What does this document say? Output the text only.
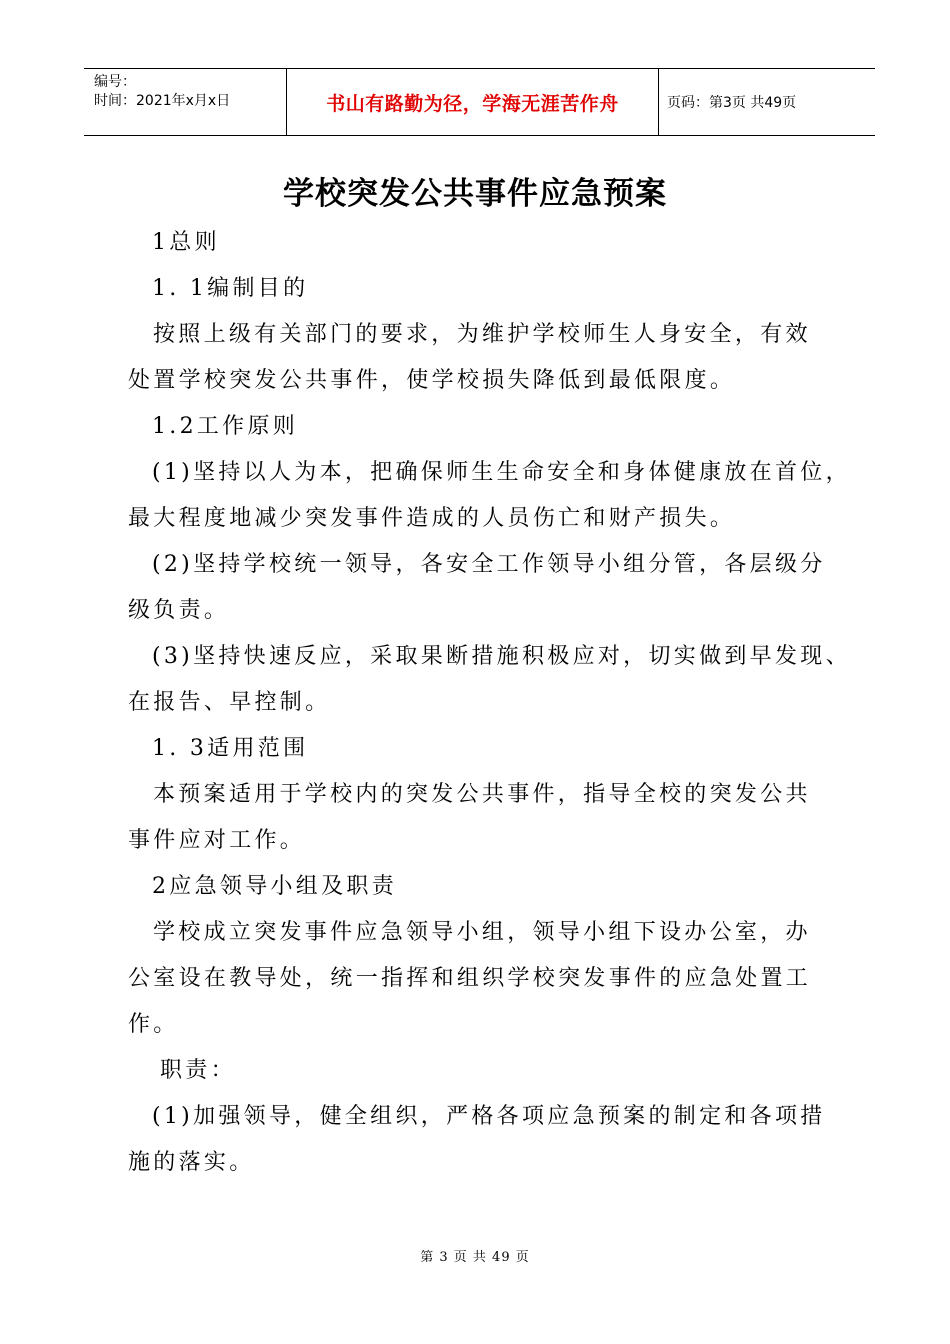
编号：
时间：2021年x月x日	书山有路勤为径，学海无涯苦作舟	页码：第3页 共49页
学校突发公共事件应急预案

1总则

1. 1编制目的

按照上级有关部门的要求，为维护学校师生人身安全，有效

处置学校突发公共事件，使学校损失降低到最低限度。

1.2工作原则

(1)坚持以人为本，把确保师生生命安全和身体健康放在首位，

最大程度地减少突发事件造成的人员伤亡和财产损失。

(2)坚持学校统一领导，各安全工作领导小组分管，各层级分

级负责。

(3)坚持快速反应，采取果断措施积极应对，切实做到早发现、

在报告、早控制。

1. 3适用范围

本预案适用于学校内的突发公共事件，指导全校的突发公共

事件应对工作。

2应急领导小组及职责

学校成立突发事件应急领导小组，领导小组下设办公室，办

公室设在教导处，统一指挥和组织学校突发事件的应急处置工

作。

职责：

(1)加强领导，健全组织，严格各项应急预案的制定和各项措

施的落实。

第 3 页 共 49 页
